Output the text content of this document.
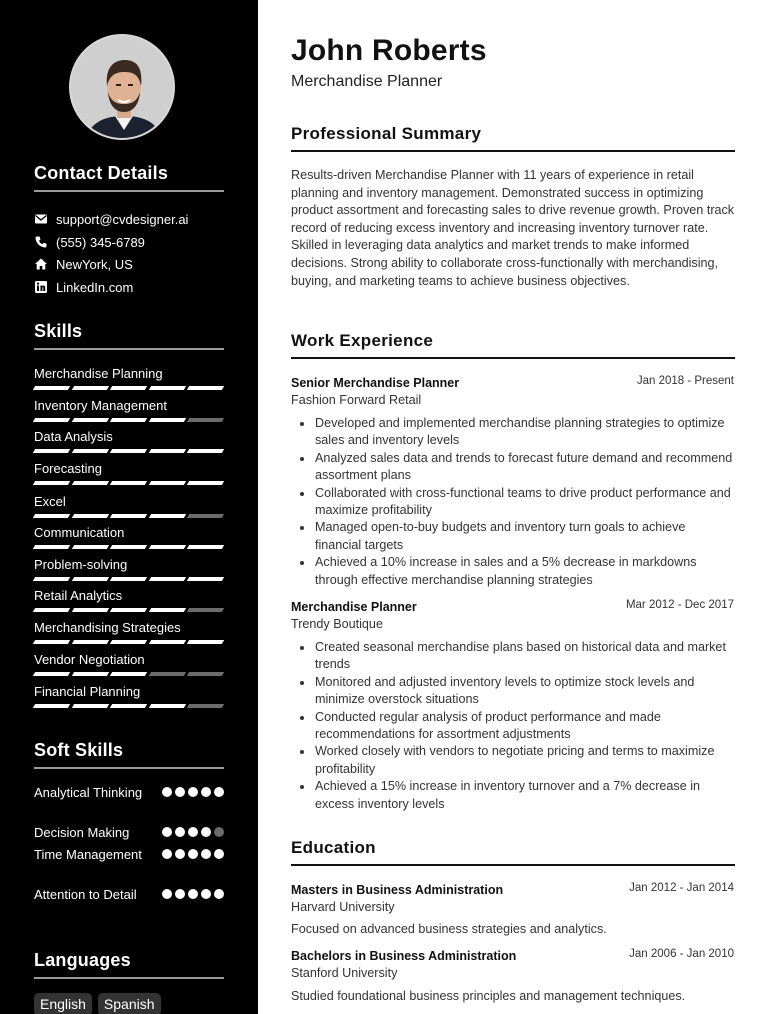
Contact Details
support@cvdesigner.ai
(555) 345-6789
NewYork, US
LinkedIn.com
Skills
Merchandise Planning
Inventory Management
Data Analysis
Forecasting
Excel
Communication
Problem-solving
Retail Analytics
Merchandising Strategies
Vendor Negotiation
Financial Planning
Soft Skills
Analytical Thinking
Decision Making
Time Management
Attention to Detail
Languages
English	Spanish
John Roberts
Merchandise Planner
Professional Summary

Results-driven Merchandise Planner with 11 years of experience in retail planning and inventory management. Demonstrated success in optimizing product assortment and forecasting sales to drive revenue growth. Proven track record of reducing excess inventory and increasing inventory turnover rate. Skilled in leveraging data analytics and market trends to make informed decisions. Strong ability to collaborate cross-functionally with merchandising, buying, and marketing teams to achieve business objectives.

Work Experience
Senior Merchandise Planner	Jan 2018 - Present
Fashion Forward Retail
Developed and implemented merchandise planning strategies to optimize sales and inventory levels
Analyzed sales data and trends to forecast future demand and recommend assortment plans
Collaborated with cross-functional teams to drive product performance and maximize profitability
Managed open-to-buy budgets and inventory turn goals to achieve financial targets
Achieved a 10% increase in sales and a 5% decrease in markdowns through effective merchandise planning strategies
Merchandise Planner	Mar 2012 - Dec 2017
Trendy Boutique
Created seasonal merchandise plans based on historical data and market trends
Monitored and adjusted inventory levels to optimize stock levels and minimize overstock situations
Conducted regular analysis of product performance and made recommendations for assortment adjustments
Worked closely with vendors to negotiate pricing and terms to maximize profitability
Achieved a 15% increase in inventory turnover and a 7% decrease in excess inventory levels
Education
Masters in Business Administration	Jan 2012 - Jan 2014
Harvard University
Focused on advanced business strategies and analytics.
Bachelors in Business Administration	Jan 2006 - Jan 2010
Stanford University
Studied foundational business principles and management techniques.
